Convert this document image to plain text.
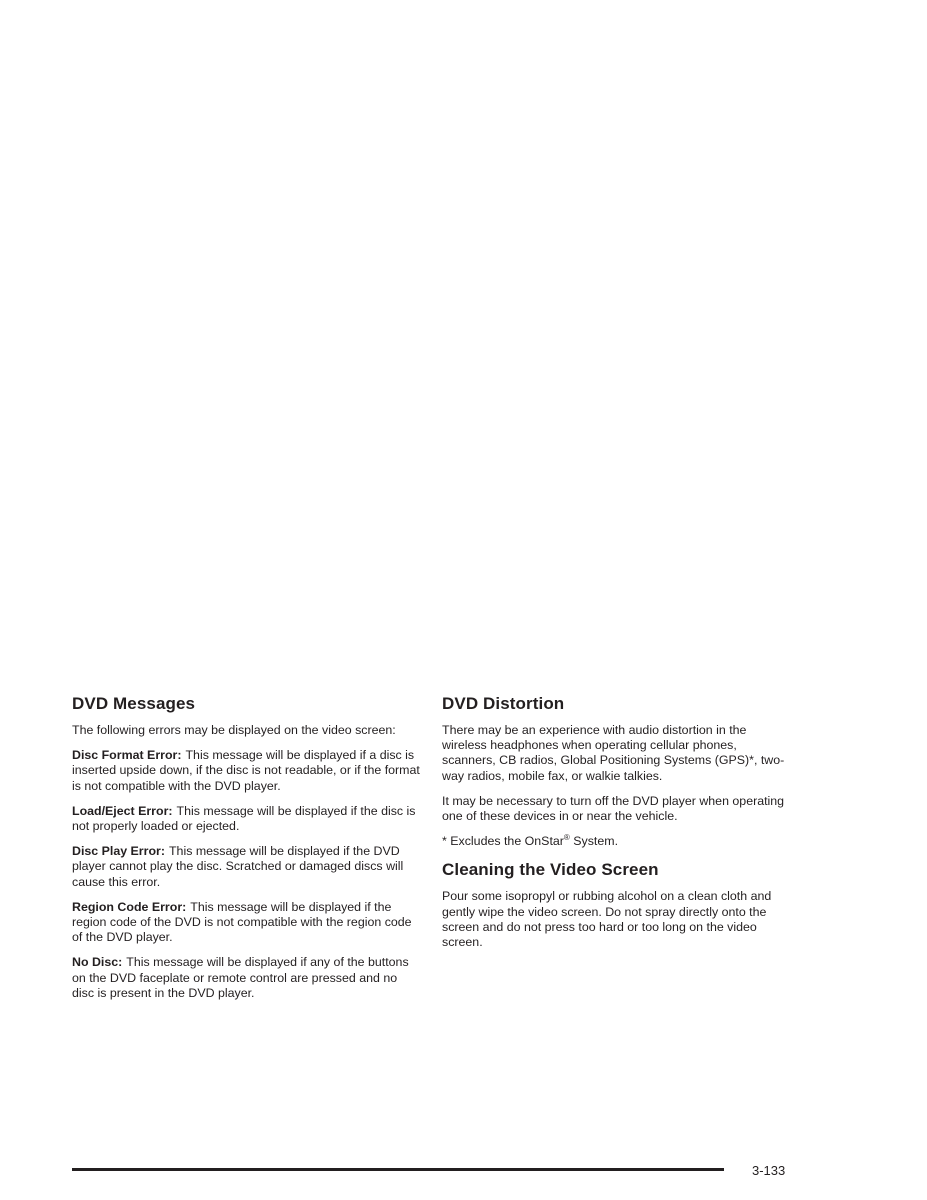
DVD Messages

The following errors may be displayed on the video screen:

Disc Format Error: This message will be displayed if a disc is inserted upside down, if the disc is not readable, or if the format is not compatible with the DVD player.

Load/Eject Error: This message will be displayed if the disc is not properly loaded or ejected.

Disc Play Error: This message will be displayed if the DVD player cannot play the disc. Scratched or damaged discs will cause this error.

Region Code Error: This message will be displayed if the region code of the DVD is not compatible with the region code of the DVD player.

No Disc: This message will be displayed if any of the buttons on the DVD faceplate or remote control are pressed and no disc is present in the DVD player.

DVD Distortion

There may be an experience with audio distortion in the wireless headphones when operating cellular phones, scanners, CB radios, Global Positioning Systems (GPS)*, two-way radios, mobile fax, or walkie talkies.

It may be necessary to turn off the DVD player when operating one of these devices in or near the vehicle.

* Excludes the OnStar® System.

Cleaning the Video Screen

Pour some isopropyl or rubbing alcohol on a clean cloth and gently wipe the video screen. Do not spray directly onto the screen and do not press too hard or too long on the video screen.

3-133
